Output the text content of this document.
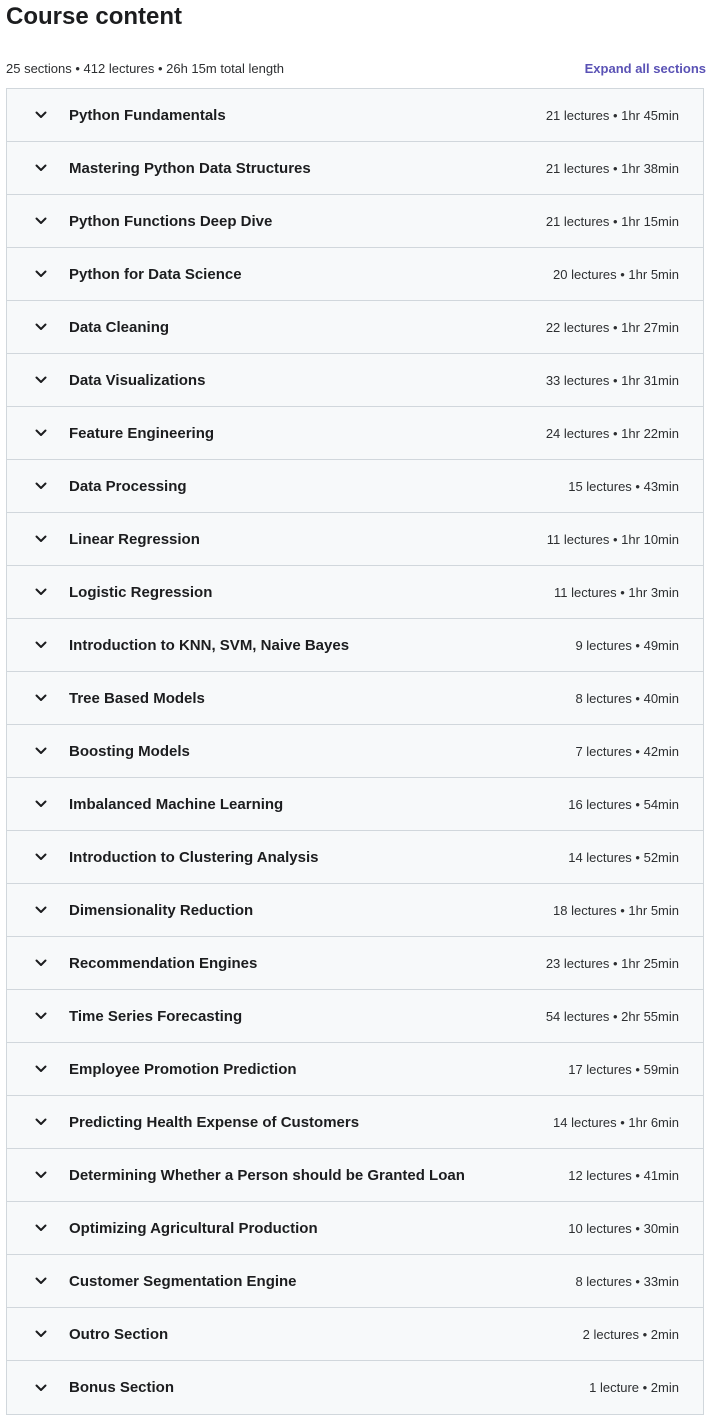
Course content
25 sections • 412 lectures • 26h 15m total length	Expand all sections
Python Fundamentals	21 lectures • 1hr 45min
Mastering Python Data Structures	21 lectures • 1hr 38min
Python Functions Deep Dive	21 lectures • 1hr 15min
Python for Data Science	20 lectures • 1hr 5min
Data Cleaning	22 lectures • 1hr 27min
Data Visualizations	33 lectures • 1hr 31min
Feature Engineering	24 lectures • 1hr 22min
Data Processing	15 lectures • 43min
Linear Regression	11 lectures • 1hr 10min
Logistic Regression	11 lectures • 1hr 3min
Introduction to KNN, SVM, Naive Bayes	9 lectures • 49min
Tree Based Models	8 lectures • 40min
Boosting Models	7 lectures • 42min
Imbalanced Machine Learning	16 lectures • 54min
Introduction to Clustering Analysis	14 lectures • 52min
Dimensionality Reduction	18 lectures • 1hr 5min
Recommendation Engines	23 lectures • 1hr 25min
Time Series Forecasting	54 lectures • 2hr 55min
Employee Promotion Prediction	17 lectures • 59min
Predicting Health Expense of Customers	14 lectures • 1hr 6min
Determining Whether a Person should be Granted Loan	12 lectures • 41min
Optimizing Agricultural Production	10 lectures • 30min
Customer Segmentation Engine	8 lectures • 33min
Outro Section	2 lectures • 2min
Bonus Section	1 lecture • 2min
